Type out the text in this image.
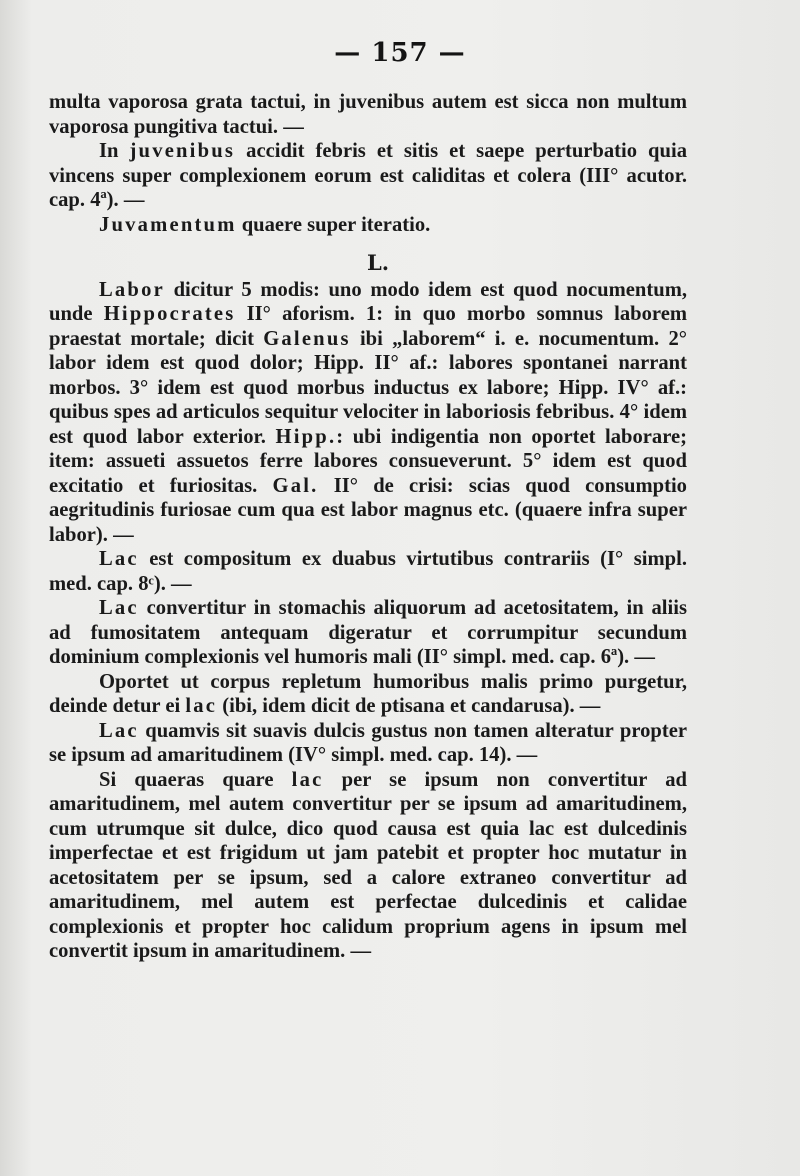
— 157 —

multa vaporosa grata tactui, in juvenibus autem est sicca non multum vaporosa pungitiva tactui. —

In juvenibus accidit febris et sitis et saepe perturbatio quia vincens super complexionem eorum est caliditas et colera (III° acutor. cap. 4ª). —

Juvamentum quaere super iteratio.

L.

Labor dicitur 5 modis: uno modo idem est quod nocumentum, unde Hippocrates II° aforism. 1: in quo morbo somnus laborem praestat mortale; dicit Galenus ibi „laborem“ i. e. nocumentum. 2° labor idem est quod dolor; Hipp. II° af.: labores spontanei narrant morbos. 3° idem est quod morbus inductus ex labore; Hipp. IV° af.: quibus spes ad articulos sequitur velociter in laboriosis febribus. 4° idem est quod labor exterior. Hipp.: ubi indigentia non oportet laborare; item: assueti assuetos ferre labores consueverunt. 5° idem est quod excitatio et furiositas. Gal. II° de crisi: scias quod consumptio aegritudinis furiosae cum qua est labor magnus etc. (quaere infra super labor). —

Lac est compositum ex duabus virtutibus contrariis (I° simpl. med. cap. 8ᶜ). —

Lac convertitur in stomachis aliquorum ad acetositatem, in aliis ad fumositatem antequam digeratur et corrumpitur secundum dominium complexionis vel humoris mali (II° simpl. med. cap. 6ª). —

Oportet ut corpus repletum humoribus malis primo purgetur, deinde detur ei lac (ibi, idem dicit de ptisana et candarusa). —

Lac quamvis sit suavis dulcis gustus non tamen alteratur propter se ipsum ad amaritudinem (IV° simpl. med. cap. 14). —

Si quaeras quare lac per se ipsum non convertitur ad amaritudinem, mel autem convertitur per se ipsum ad amaritudinem, cum utrumque sit dulce, dico quod causa est quia lac est dulcedinis imperfectae et est frigidum ut jam patebit et propter hoc mutatur in acetositatem per se ipsum, sed a calore extraneo convertitur ad amaritudinem, mel autem est perfectae dulcedinis et calidae complexionis et propter hoc calidum proprium agens in ipsum mel convertit ipsum in amaritudinem. —
